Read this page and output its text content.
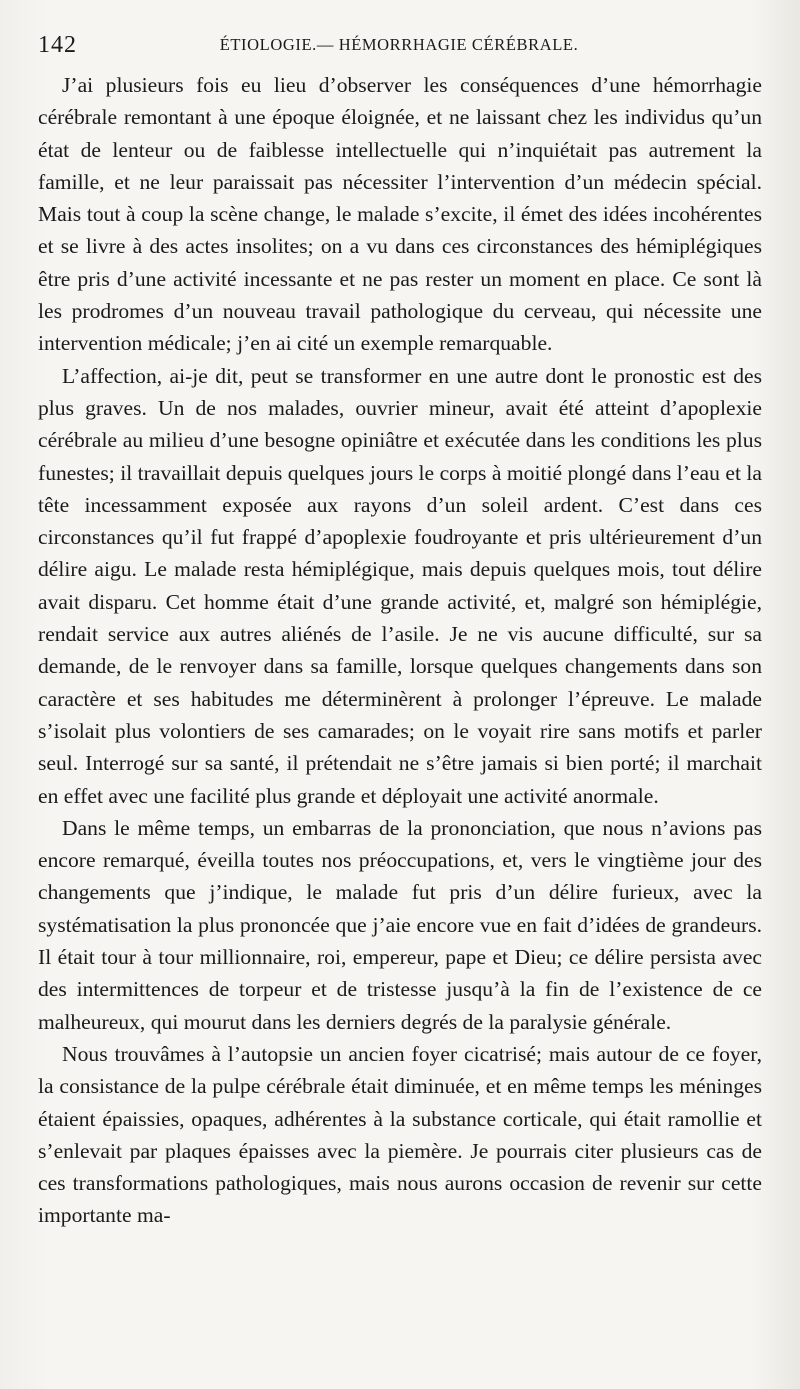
142	ÉTIOLOGIE.— HÉMORRHAGIE CÉRÉBRALE.

J’ai plusieurs fois eu lieu d’observer les conséquences d’une hémorrhagie cérébrale remontant à une époque éloignée, et ne laissant chez les individus qu’un état de lenteur ou de faiblesse intellectuelle qui n’inquiétait pas autrement la famille, et ne leur paraissait pas nécessiter l’intervention d’un médecin spécial. Mais tout à coup la scène change, le malade s’excite, il émet des idées incohérentes et se livre à des actes insolites; on a vu dans ces circonstances des hémiplégiques être pris d’une activité incessante et ne pas rester un moment en place. Ce sont là les prodromes d’un nouveau travail pathologique du cerveau, qui nécessite une intervention médicale; j’en ai cité un exemple remarquable.

L’affection, ai-je dit, peut se transformer en une autre dont le pronostic est des plus graves. Un de nos malades, ouvrier mineur, avait été atteint d’apoplexie cérébrale au milieu d’une besogne opiniâtre et exécutée dans les conditions les plus funestes; il travaillait depuis quelques jours le corps à moitié plongé dans l’eau et la tête incessamment exposée aux rayons d’un soleil ardent. C’est dans ces circonstances qu’il fut frappé d’apoplexie foudroyante et pris ultérieurement d’un délire aigu. Le malade resta hémiplégique, mais depuis quelques mois, tout délire avait disparu. Cet homme était d’une grande activité, et, malgré son hémiplégie, rendait service aux autres aliénés de l’asile. Je ne vis aucune difficulté, sur sa demande, de le renvoyer dans sa famille, lorsque quelques changements dans son caractère et ses habitudes me déterminèrent à prolonger l’épreuve. Le malade s’isolait plus volontiers de ses camarades; on le voyait rire sans motifs et parler seul. Interrogé sur sa santé, il prétendait ne s’être jamais si bien porté; il marchait en effet avec une facilité plus grande et déployait une activité anormale.

Dans le même temps, un embarras de la prononciation, que nous n’avions pas encore remarqué, éveilla toutes nos préoccupations, et, vers le vingtième jour des changements que j’indique, le malade fut pris d’un délire furieux, avec la systématisation la plus prononcée que j’aie encore vue en fait d’idées de grandeurs. Il était tour à tour millionnaire, roi, empereur, pape et Dieu; ce délire persista avec des intermittences de torpeur et de tristesse jusqu’à la fin de l’existence de ce malheureux, qui mourut dans les derniers degrés de la paralysie générale.

Nous trouvâmes à l’autopsie un ancien foyer cicatrisé; mais autour de ce foyer, la consistance de la pulpe cérébrale était diminuée, et en même temps les méninges étaient épaissies, opaques, adhérentes à la substance corticale, qui était ramollie et s’enlevait par plaques épaisses avec la piemère. Je pourrais citer plusieurs cas de ces transformations pathologiques, mais nous aurons occasion de revenir sur cette importante ma-
